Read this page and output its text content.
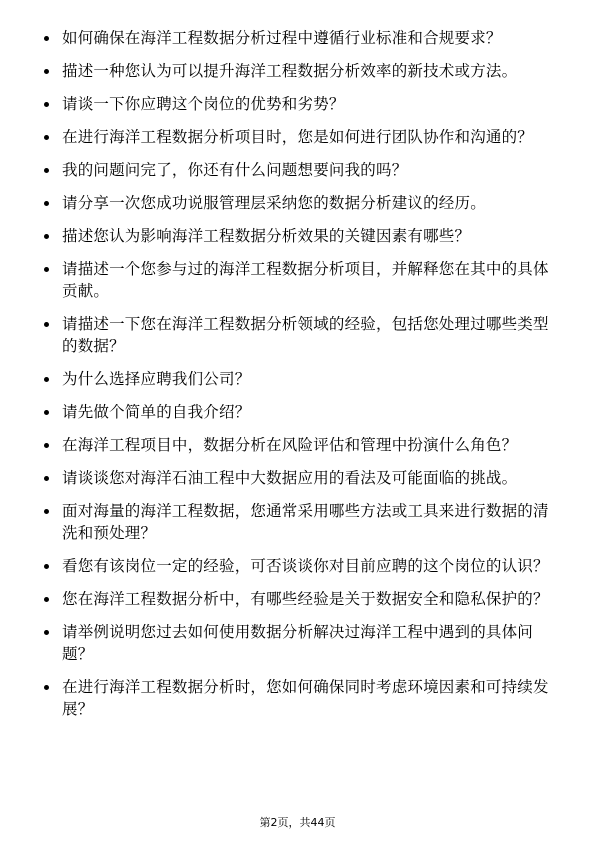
如何确保在海洋工程数据分析过程中遵循行业标准和合规要求？
描述一种您认为可以提升海洋工程数据分析效率的新技术或方法。
请谈一下你应聘这个岗位的优势和劣势？
在进行海洋工程数据分析项目时，您是如何进行团队协作和沟通的？
我的问题问完了，你还有什么问题想要问我的吗？
请分享一次您成功说服管理层采纳您的数据分析建议的经历。
描述您认为影响海洋工程数据分析效果的关键因素有哪些？
请描述一个您参与过的海洋工程数据分析项目，并解释您在其中的具体贡献。
请描述一下您在海洋工程数据分析领域的经验，包括您处理过哪些类型的数据？
为什么选择应聘我们公司？
请先做个简单的自我介绍？
在海洋工程项目中，数据分析在风险评估和管理中扮演什么角色？
请谈谈您对海洋石油工程中大数据应用的看法及可能面临的挑战。
面对海量的海洋工程数据，您通常采用哪些方法或工具来进行数据的清洗和预处理？
看您有该岗位一定的经验，可否谈谈你对目前应聘的这个岗位的认识？
您在海洋工程数据分析中，有哪些经验是关于数据安全和隐私保护的？
请举例说明您过去如何使用数据分析解决过海洋工程中遇到的具体问题？
在进行海洋工程数据分析时，您如何确保同时考虑环境因素和可持续发展？
第2页，共44页
